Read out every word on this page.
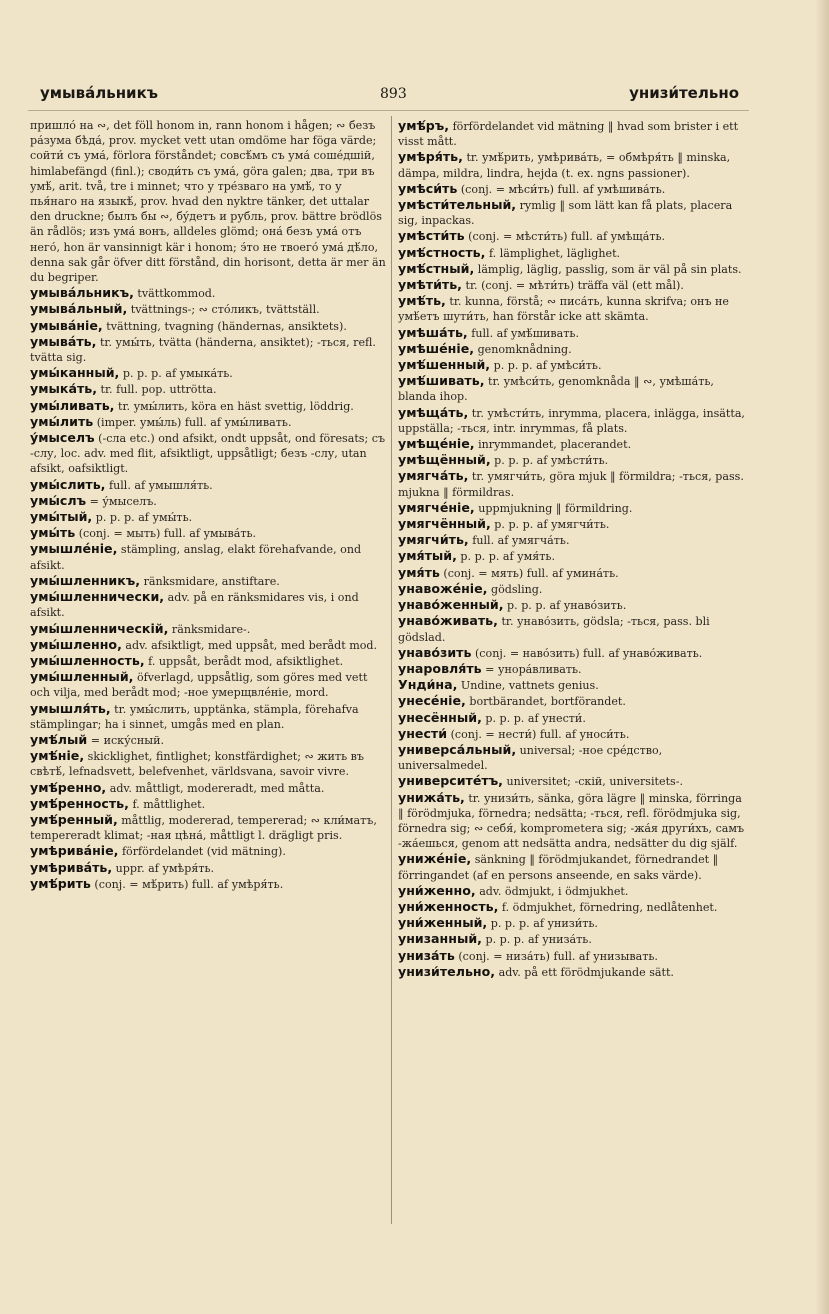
умывáльникъ	893	унизи́тельно

пришло́ на ∾, det föll honom in, rann honom i hågen; ∾ безъ ра́зума бѣда́, prov. mycket vett utan omdöme har föga värde; сойти́ съ ума́, förlora förståndet; совсѣ́мъ съ ума́ сошéдшій, himlabefängd (finl.); своди́ть съ ума́, göra galen; два, три въ умѣ́, arit. två, tre i minnet; что у тре́зваго на умѣ́, то у пья́наго на языкѣ́, prov. hvad den nyktre tänker, det uttalar den druckne; былъ бы ∾, бýдетъ и рубль, prov. bättre brödlös än rådlös; изъ ума́ вонъ, alldeles glömd; она́ безъ ума́ отъ него́, hon är vansinnigt kär i honom; э́то не твоего́ ума́ дѣ́ло, denna sak går öfver ditt förstånd, din horisont, detta är mer än du begriper.

умывáльникъ, tvättkommod.

умывáльный, tvättnings-; ∾ сто́ликъ, tvättställ.

умывáніе, tvättning, tvagning (händernas, ansiktets).

умывáть, tr. умы́ть, tvätta (händerna, ansiktet); -ться, refl. tvätta sig.

умы́канный, p. p. p. af умыка́ть.

умыка́ть, tr. full. pop. uttrötta.

умы́ливать, tr. умы́лить, köra en häst svettig, löddrig.

умы́лить (imper. умы́ль) full. af умы́ливать.

у́мыселъ (-сла etc.) ond afsikt, ondt uppsåt, ond föresats; съ -слу, loc. adv. med flit, afsiktligt, uppsåtligt; безъ -слу, utan afsikt, oafsiktligt.

умы́слить, full. af умышля́ть.

умы́слъ = у́мыселъ.

умы́тый, p. p. p. af умы́ть.

умы́ть (conj. = мыть) full. af умыва́ть.

умышлéніе, stämpling, anslag, elakt förehafvande, ond afsikt.

умы́шленникъ, ränksmidare, anstiftare.

умы́шленнически, adv. på en ränksmidares vis, i ond afsikt.

умы́шленническій, ränksmidare-.

умы́шленно, adv. afsiktligt, med uppsåt, med berådt mod.

умы́шленность, f. uppsåt, berådt mod, afsiktlighet.

умы́шленный, öfverlagd, uppsåtlig, som göres med vett och vilja, med berådt mod; -ное умерщвлéніе, mord.

умышля́ть, tr. умы́слить, upptänka, stämpla, förehafva stämplingar; ha i sinnet, umgås med en plan.

умѣ́лый = иску́сный.

умѣ́ніе, skicklighet, fintlighet; konstfärdighet; ∾ жить въ свѣтѣ́, lefnadsvett, belefvenhet, världsvana, savoir vivre.

умѣ́ренно, adv. måttligt, modereradt, med måtta.

умѣ́ренность, f. måttlighet.

умѣ́ренный, måttlig, modererad, tempererad; ∾ кли́матъ, tempereradt klimat; -ная цѣна́, måttligt l. drägligt pris.

умѣривáніе, förfördelandet (vid mätning).

умѣривáть, uppr. af умѣря́ть.

умѣ́рить (conj. = мѣ́рить) full. af умѣря́ть.

умѣ́ръ, förfördelandet vid mätning ‖ hvad som brister i ett visst mått.

умѣря́ть, tr. умѣ́рить, умѣрива́ть, = обмѣря́ть ‖ minska, dämpa, mildra, lindra, hejda (t. ex. ngns passioner).

умѣси́ть (conj. = мѣси́ть) full. af умѣшива́ть.

умѣсти́тельный, rymlig ‖ som lätt kan få plats, placera sig, inpackas.

умѣсти́ть (conj. = мѣсти́ть) full. af умѣща́ть.

умѣ́стность, f. lämplighet, läglighet.

умѣ́стный, lämplig, läglig, passlig, som är väl på sin plats.

умѣти́ть, tr. (conj. = мѣти́ть) träffa väl (ett mål).

умѣ́ть, tr. kunna, förstå; ∾ писа́ть, kunna skrifva; онъ не умѣ́етъ шути́ть, han förstår icke att skämta.

умѣша́ть, full. af умѣ́шивать.

умѣшéніе, genomknådning.

умѣ́шенный, p. p. p. af умѣси́ть.

умѣ́шивать, tr. умѣси́ть, genomknåda ‖ ∾, умѣша́ть, blanda ihop.

умѣща́ть, tr. умѣсти́ть, inrymma, placera, inlägga, insätta, uppställa; -ться, intr. inrymmas, få plats.

умѣщéніе, inrymmandet, placerandet.

умѣщённый, p. p. p. af умѣсти́ть.

умягча́ть, tr. умягчи́ть, göra mjuk ‖ förmildra; -ться, pass. mjukna ‖ förmildras.

умягчéніе, uppmjukning ‖ förmildring.

умягчённый, p. p. p. af умягчи́ть.

умягчи́ть, full. af умягча́ть.

умя́тый, p. p. p. af умя́ть.

умя́ть (conj. = мять) full. af умина́ть.

унавожéніе, gödsling.

унаво́женный, p. p. p. af унаво́зить.

унаво́живать, tr. унаво́зить, gödsla; -ться, pass. bli gödslad.

унаво́зить (conj. = наво́зить) full. af унаво́живать.

унаровля́ть = унора́вливать.

Унди́на, Undine, vattnets genius.

унесéніе, bortbärandet, bortförandet.

унесённый, p. p. p. af унести́.

унести́ (conj. = нести́) full. af уноси́ть.

универса́льный, universal; -ное срéдство, universalmedel.

университéтъ, universitet; -скій, universitets-.

унижа́ть, tr. унизи́ть, sänka, göra lägre ‖ minska, förringa ‖ förödmjuka, förnedra; nedsätta; -ться, refl. förödmjuka sig, förnedra sig; ∾ себя́, komprometera sig; -жа́я други́хъ, самъ -жа́ешься, genom att nedsätta andra, nedsätter du dig själf.

унижéніе, sänkning ‖ förödmjukandet, förnedrandet ‖ förringandet (af en persons anseende, en saks värde).

уни́женно, adv. ödmjukt, i ödmjukhet.

уни́женность, f. ödmjukhet, förnedring, nedlåtenhet.

уни́женный, p. p. p. af унизи́ть.

унизанный, p. p. p. af униза́ть.

униза́ть (conj. = низа́ть) full. af унизывать.

унизи́тельно, adv. på ett förödmjukande sätt.
